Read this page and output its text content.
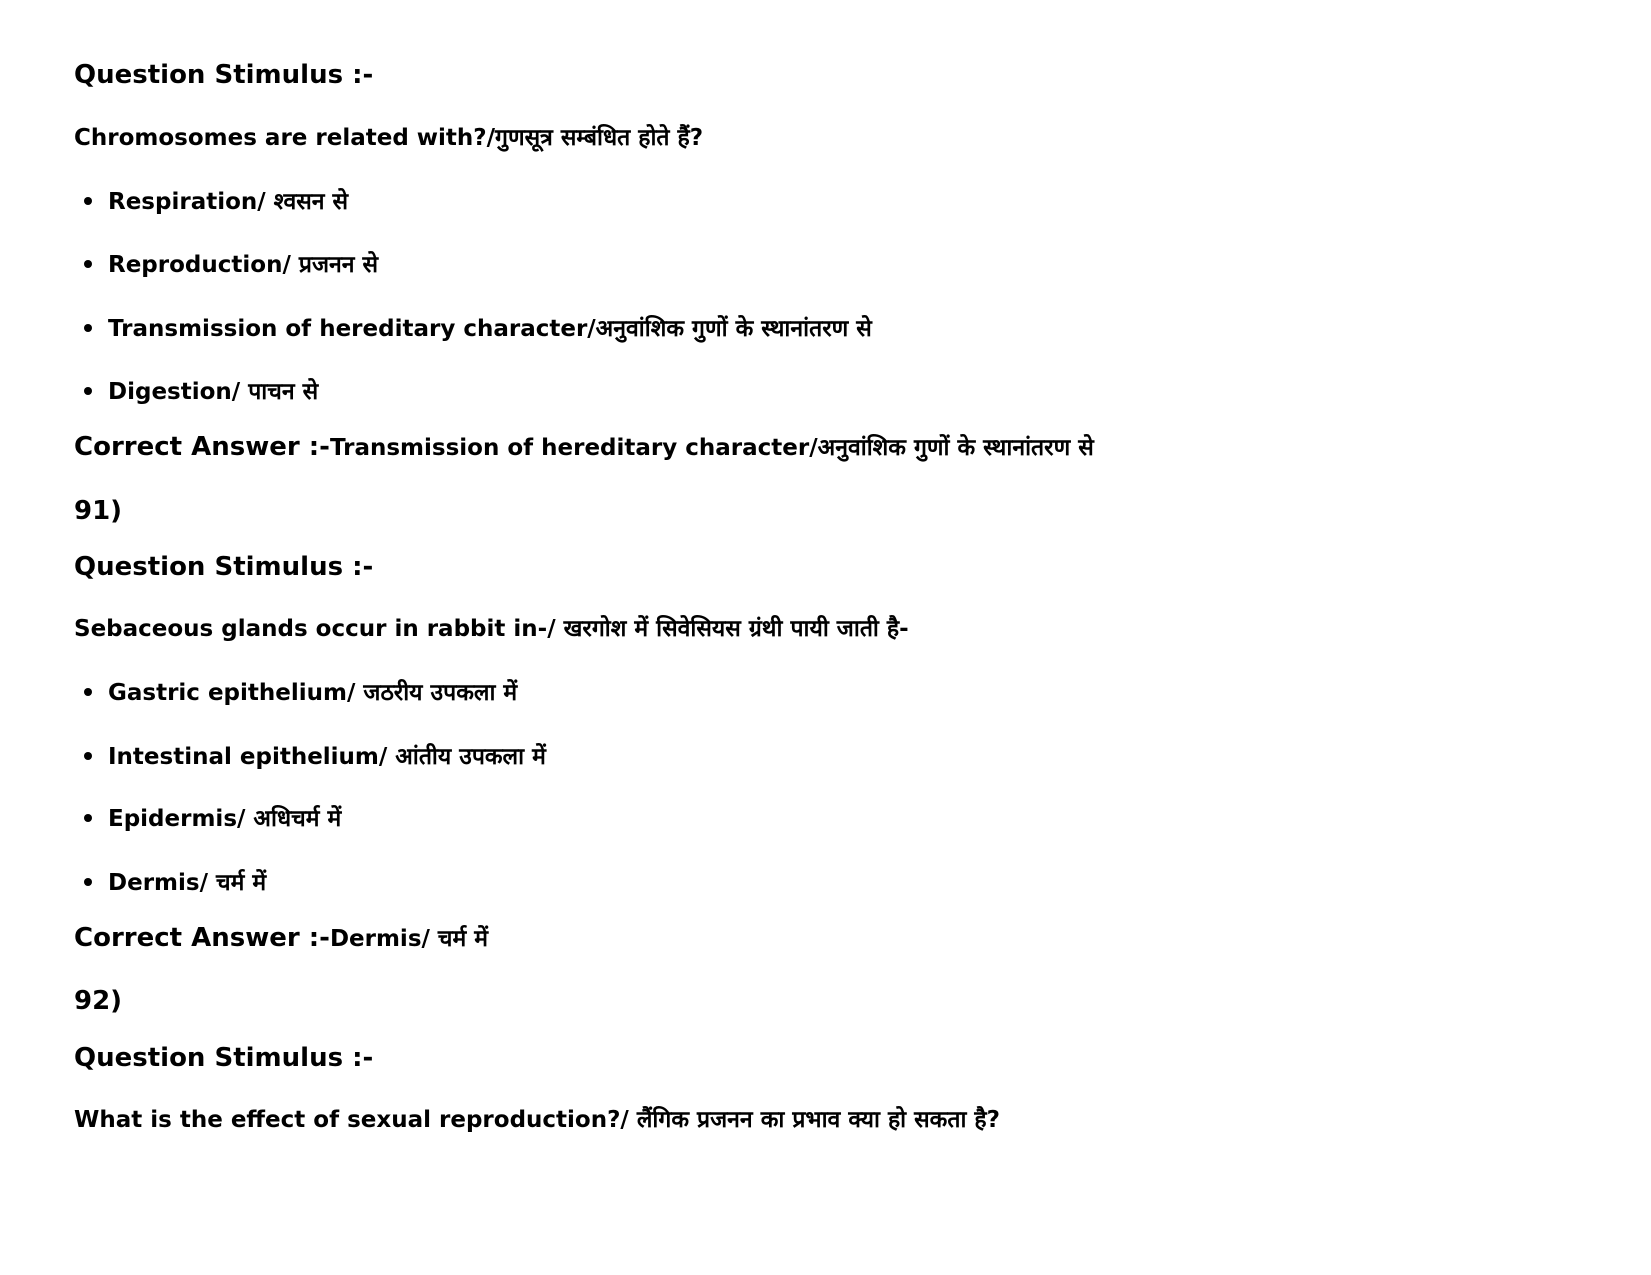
Question Stimulus :-
Chromosomes are related with?/गुणसूत्र सम्बंधित होते हैं?
Respiration/ श्वसन से
Reproduction/ प्रजनन से
Transmission of hereditary character/अनुवांशिक गुणों के स्थानांतरण से
Digestion/ पाचन से
Correct Answer :-Transmission of hereditary character/अनुवांशिक गुणों के स्थानांतरण से
91)
Question Stimulus :-
Sebaceous glands occur in rabbit in-/ खरगोश में सिवेसियस ग्रंथी पायी जाती है-
Gastric epithelium/ जठरीय उपकला में
Intestinal epithelium/ आंतीय उपकला में
Epidermis/ अधिचर्म में
Dermis/ चर्म में
Correct Answer :-Dermis/ चर्म में
92)
Question Stimulus :-
What is the effect of sexual reproduction?/ लैंगिक प्रजनन का प्रभाव क्या हो सकता है?
